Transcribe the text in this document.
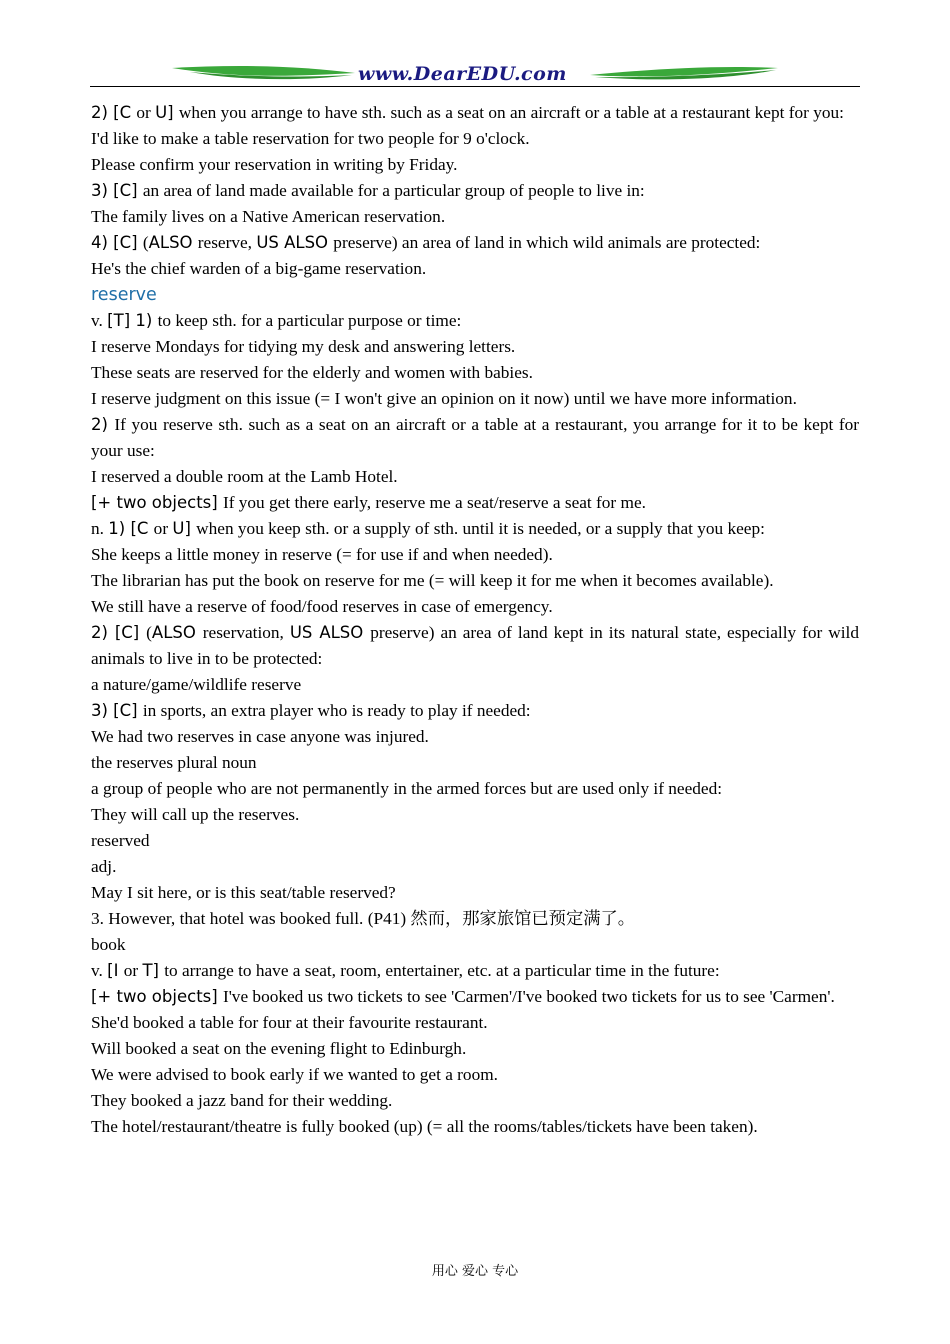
www.DearEDU.com
2) [C or U] when you arrange to have sth. such as a seat on an aircraft or a table at a restaurant kept for you:
I'd like to make a table reservation for two people for 9 o'clock.
Please confirm your reservation in writing by Friday.
3) [C] an area of land made available for a particular group of people to live in:
The family lives on a Native American reservation.
4) [C] (ALSO reserve, US ALSO preserve) an area of land in which wild animals are protected:
He's the chief warden of a big-game reservation.
reserve
v. [T] 1) to keep sth. for a particular purpose or time:
I reserve Mondays for tidying my desk and answering letters.
These seats are reserved for the elderly and women with babies.
I reserve judgment on this issue (= I won't give an opinion on it now) until we have more information.
2) If you reserve sth. such as a seat on an aircraft or a table at a restaurant, you arrange for it to be kept for your use:
I reserved a double room at the Lamb Hotel.
[+ two objects] If you get there early, reserve me a seat/reserve a seat for me.
n. 1) [C or U] when you keep sth. or a supply of sth. until it is needed, or a supply that you keep:
She keeps a little money in reserve (= for use if and when needed).
The librarian has put the book on reserve for me (= will keep it for me when it becomes available).
We still have a reserve of food/food reserves in case of emergency.
2) [C] (ALSO reservation, US ALSO preserve) an area of land kept in its natural state, especially for wild animals to live in to be protected:
a nature/game/wildlife reserve
3) [C] in sports, an extra player who is ready to play if needed:
We had two reserves in case anyone was injured.
the reserves plural noun
a group of people who are not permanently in the armed forces but are used only if needed:
They will call up the reserves.
reserved
adj.
May I sit here, or is this seat/table reserved?
3. However, that hotel was booked full. (P41) 然而，那家旅馆已预定满了。
book
v. [I or T] to arrange to have a seat, room, entertainer, etc. at a particular time in the future:
[+ two objects] I've booked us two tickets to see 'Carmen'/I've booked two tickets for us to see 'Carmen'.
She'd booked a table for four at their favourite restaurant.
Will booked a seat on the evening flight to Edinburgh.
We were advised to book early if we wanted to get a room.
They booked a jazz band for their wedding.
The hotel/restaurant/theatre is fully booked (up) (= all the rooms/tables/tickets have been taken).
用心 爱心 专心
